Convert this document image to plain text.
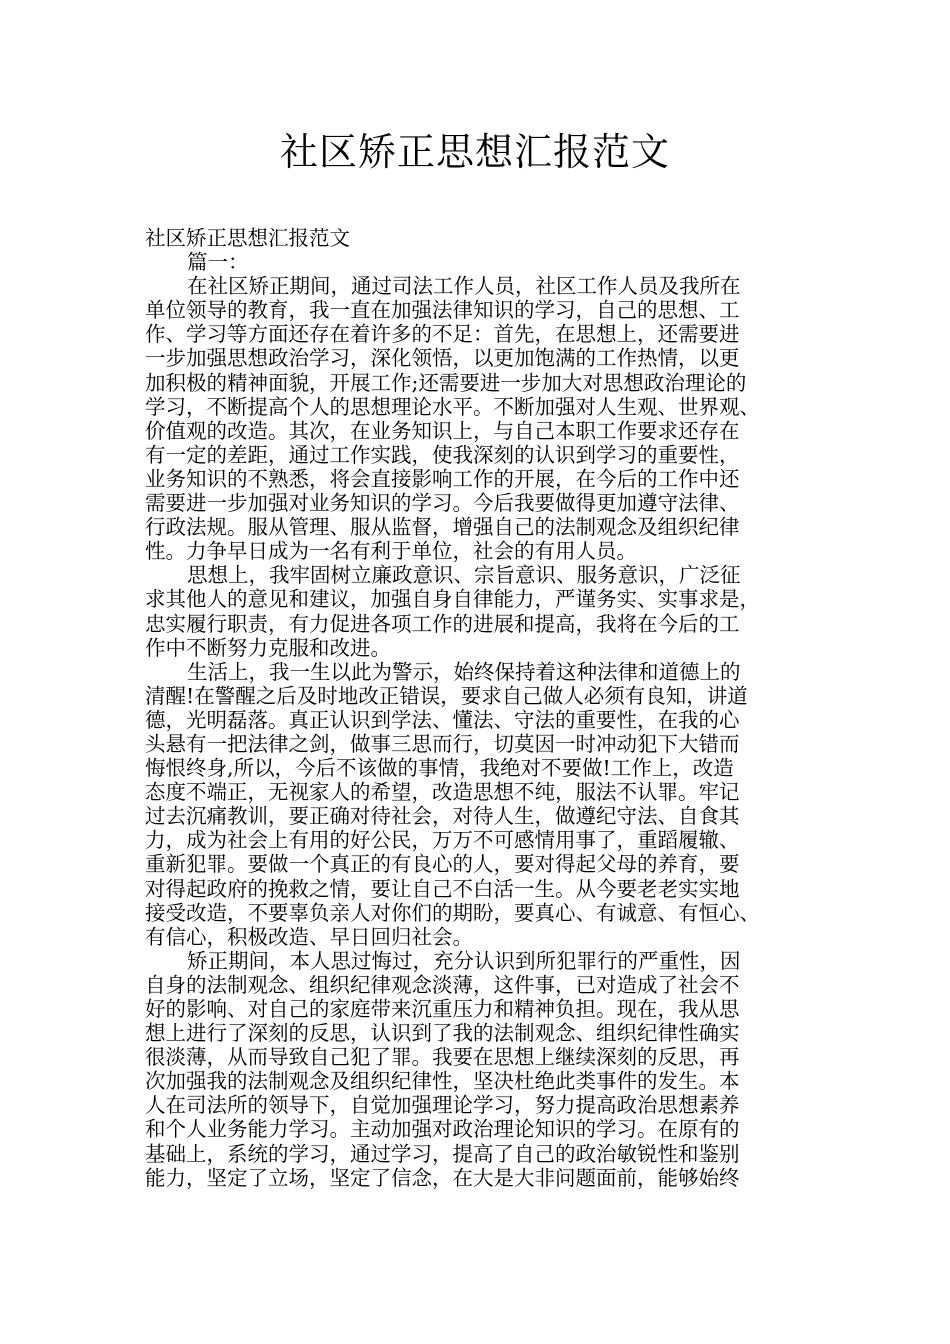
社区矫正思想汇报范文
社区矫正思想汇报范文
篇一：
在社区矫正期间，通过司法工作人员，社区工作人员及我所在
单位领导的教育，我一直在加强法律知识的学习，自己的思想、工
作、学习等方面还存在着许多的不足：首先，在思想上，还需要进
一步加强思想政治学习，深化领悟，以更加饱满的工作热情，以更
加积极的精神面貌，开展工作;还需要进一步加大对思想政治理论的
学习，不断提高个人的思想理论水平。不断加强对人生观、世界观、
价值观的改造。其次，在业务知识上，与自己本职工作要求还存在
有一定的差距，通过工作实践，使我深刻的认识到学习的重要性，
业务知识的不熟悉，将会直接影响工作的开展，在今后的工作中还
需要进一步加强对业务知识的学习。今后我要做得更加遵守法律、
行政法规。服从管理、服从监督，增强自己的法制观念及组织纪律
性。力争早日成为一名有利于单位，社会的有用人员。
思想上，我牢固树立廉政意识、宗旨意识、服务意识，广泛征
求其他人的意见和建议，加强自身自律能力，严谨务实、实事求是，
忠实履行职责，有力促进各项工作的进展和提高，我将在今后的工
作中不断努力克服和改进。
生活上，我一生以此为警示，始终保持着这种法律和道德上的
清醒!在警醒之后及时地改正错误，要求自己做人必须有良知，讲道
德，光明磊落。真正认识到学法、懂法、守法的重要性，在我的心
头悬有一把法律之剑，做事三思而行，切莫因一时冲动犯下大错而
悔恨终身,所以，今后不该做的事情，我绝对不要做!工作上，改造
态度不端正，无视家人的希望，改造思想不纯，服法不认罪。牢记
过去沉痛教训，要正确对待社会，对待人生，做遵纪守法、自食其
力，成为社会上有用的好公民，万万不可感情用事了，重蹈履辙、
重新犯罪。要做一个真正的有良心的人，要对得起父母的养育，要
对得起政府的挽救之情，要让自己不白活一生。从今要老老实实地
接受改造，不要辜负亲人对你们的期盼，要真心、有诚意、有恒心、
有信心，积极改造、早日回归社会。
矫正期间，本人思过悔过，充分认识到所犯罪行的严重性，因
自身的法制观念、组织纪律观念淡薄，这件事，已对造成了社会不
好的影响、对自己的家庭带来沉重压力和精神负担。现在，我从思
想上进行了深刻的反思，认识到了我的法制观念、组织纪律性确实
很淡薄，从而导致自己犯了罪。我要在思想上继续深刻的反思，再
次加强我的法制观念及组织纪律性，坚决杜绝此类事件的发生。本
人在司法所的领导下，自觉加强理论学习，努力提高政治思想素养
和个人业务能力学习。主动加强对政治理论知识的学习。在原有的
基础上，系统的学习，通过学习，提高了自己的政治敏锐性和鉴别
能力，坚定了立场，坚定了信念，在大是大非问题面前，能够始终
